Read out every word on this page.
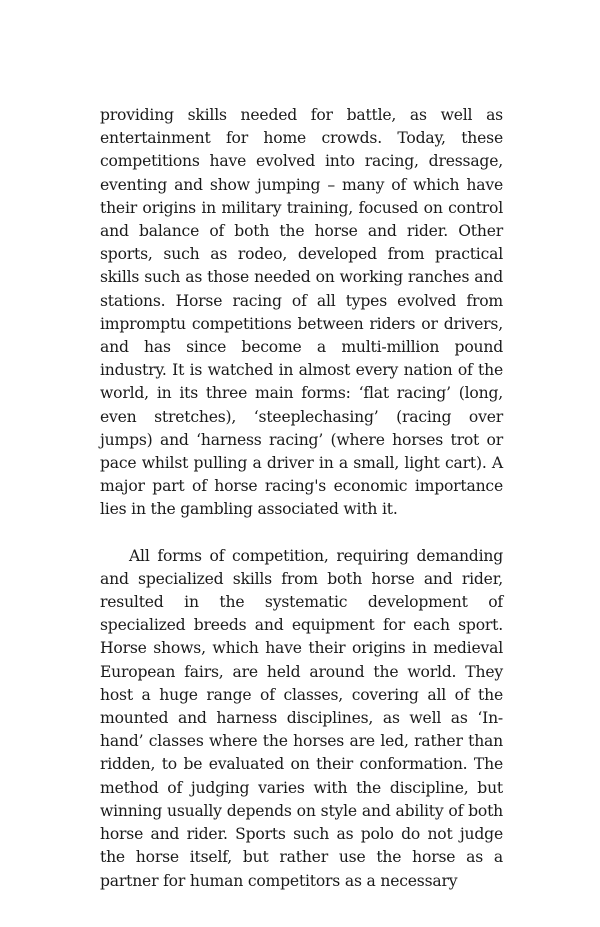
providing skills needed for battle, as well as entertainment for home crowds. Today, these competitions have evolved into racing, dressage, eventing and show jumping – many of which have their origins in military training, focused on control and balance of both the horse and rider. Other sports, such as rodeo, developed from practical skills such as those needed on working ranches and stations. Horse racing of all types evolved from impromptu competitions between riders or drivers, and has since become a multi-million pound industry. It is watched in almost every nation of the world, in its three main forms: ‘flat racing’ (long, even stretches), ‘steeplechasing’ (racing over jumps) and ‘harness racing’ (where horses trot or pace whilst pulling a driver in a small, light cart). A major part of horse racing's economic importance lies in the gambling associated with it.

All forms of competition, requiring demanding and specialized skills from both horse and rider, resulted in the systematic development of specialized breeds and equipment for each sport. Horse shows, which have their origins in medieval European fairs, are held around the world. They host a huge range of classes, covering all of the mounted and harness disciplines, as well as ‘In-hand’ classes where the horses are led, rather than ridden, to be evaluated on their conformation. The method of judging varies with the discipline, but winning usually depends on style and ability of both horse and rider. Sports such as polo do not judge the horse itself, but rather use the horse as a partner for human competitors as a necessary
